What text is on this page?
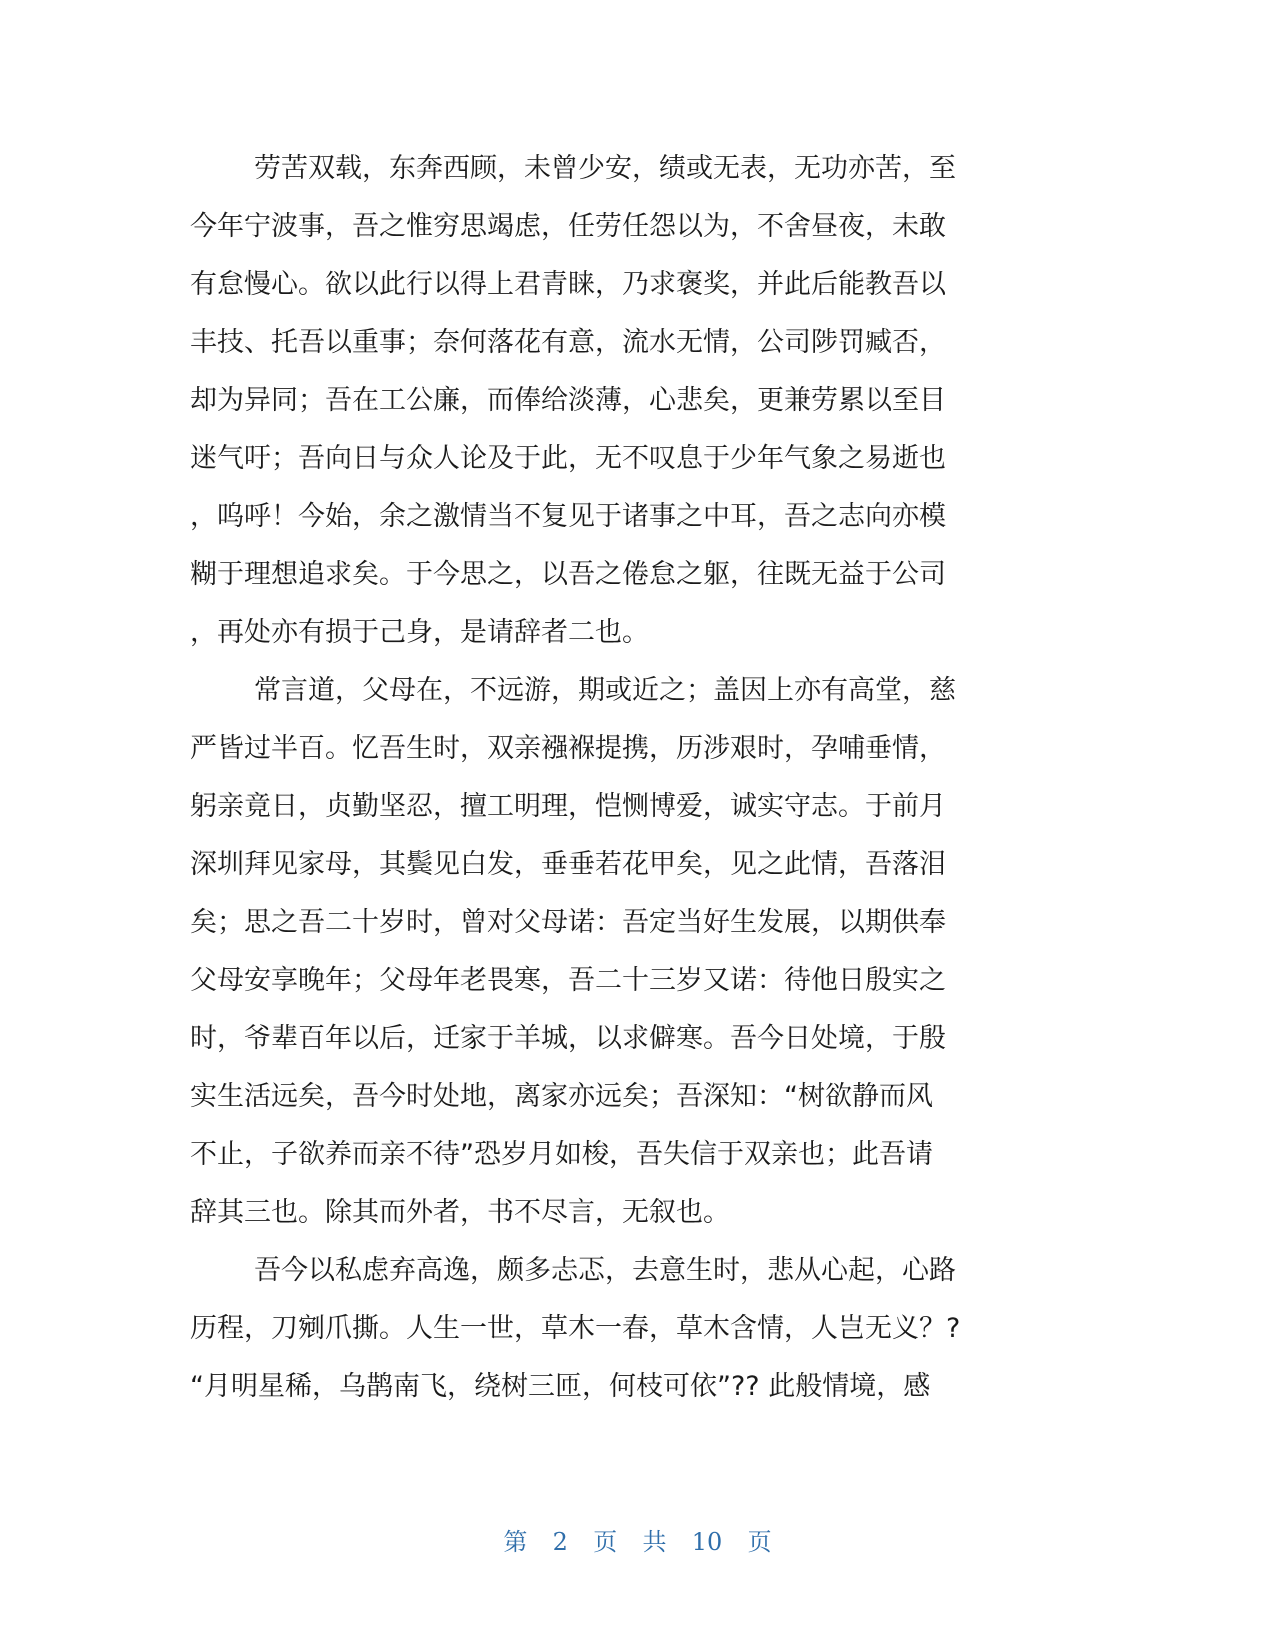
劳苦双载，东奔西顾，未曾少安，绩或无表，无功亦苦，至
今年宁波事，吾之惟穷思竭虑，任劳任怨以为，不舍昼夜，未敢
有怠慢心。欲以此行以得上君青睐，乃求褒奖，并此后能教吾以
丰技、托吾以重事；奈何落花有意，流水无情，公司陟罚臧否，
却为异同；吾在工公廉，而俸给淡薄，心悲矣，更兼劳累以至目
迷气吁；吾向日与众人论及于此，无不叹息于少年气象之易逝也
，呜呼！今始，余之激情当不复见于诸事之中耳，吾之志向亦模
糊于理想追求矣。于今思之，以吾之倦怠之躯，往既无益于公司
，再处亦有损于己身，是请辞者二也。
常言道，父母在，不远游，期或近之；盖因上亦有高堂，慈
严皆过半百。忆吾生时，双亲襁褓提携，历涉艰时，孕哺垂情，
躬亲竟日，贞勤坚忍，擅工明理，恺恻博爱，诚实守志。于前月
深圳拜见家母，其鬓见白发，垂垂若花甲矣，见之此情，吾落泪
矣；思之吾二十岁时，曾对父母诺：吾定当好生发展，以期供奉
父母安享晚年；父母年老畏寒，吾二十三岁又诺：待他日殷实之
时，爷辈百年以后，迁家于羊城，以求僻寒。吾今日处境，于殷
实生活远矣，吾今时处地，离家亦远矣；吾深知：“树欲静而风
不止，子欲养而亲不待”恐岁月如梭，吾失信于双亲也；此吾请
辞其三也。除其而外者，书不尽言，无叙也。
吾今以私虑弃高逸，颇多忐忑，去意生时，悲从心起，心路
历程，刀剜爪撕。人生一世，草木一春，草木含情，人岂无义？?
“月明星稀，乌鹊南飞，绕树三匝，何枝可依”?? 此般情境，感
第 2 页 共 10 页
